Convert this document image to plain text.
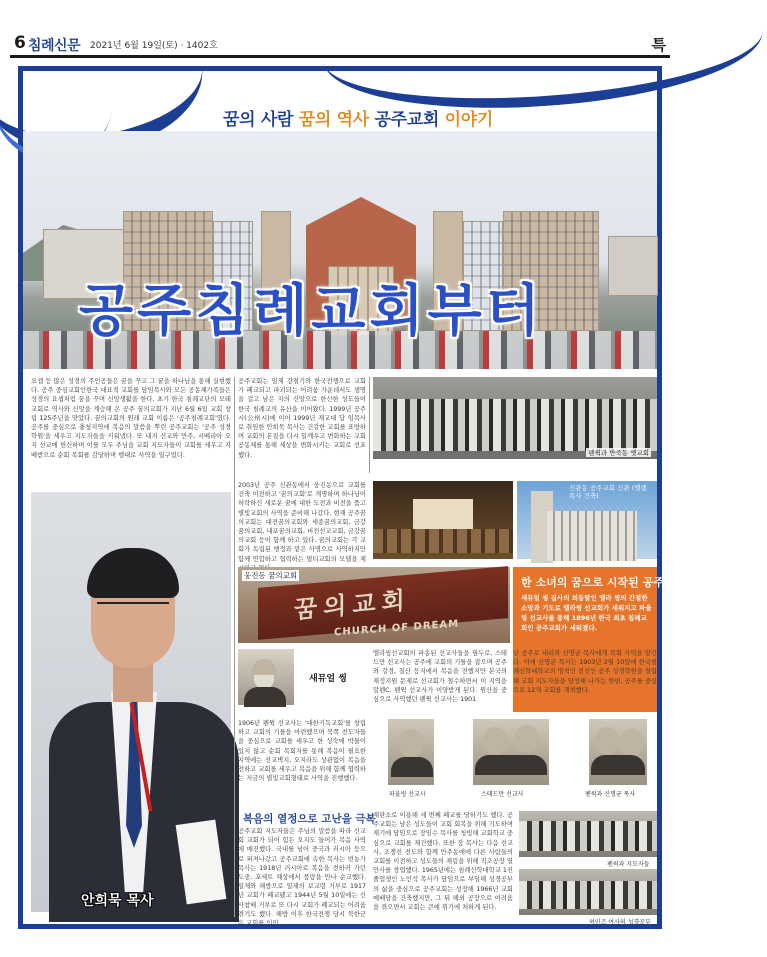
6 침례신문 2021년 6월 19일(토) · 1402호	특
꿈의 사람 꿈의 역사 공주교회 이야기
공주침례교회부터
요셉 등 많은 성경의 주인공들은 꿈을 꾸고 그 꿈을 하나님을 통해 실현했다. 공주 중심교회인한국 대표적 교회를 담임목사와 모든 공동체가족들은 성경의 요셉처럼 꿈을 꾸며 신앙생활을 한다. 초기 한국 침례교단의 모태교회로 역사와 신앙을 계승해 온 공주 꿈의교회가 지난 6월 6일 교회 창립 125주년을 맞았다. 꿈의교회의 원래 교회 이름은 '공주침례교회'였다. 공주를 중심으로 충청지역에 복음의 말씀을 뿌린 공주교회는 '공주 성경학원'을 세우고 지도자들을 키워냈다. 또 내지 선교와 만주, 시베리아 오지 선교에 헌신하며 이를 모두 주님을 교회 지도자들이 교회를 세우고 지배받으로 순회 목회를 감당하며 행대로 사역을 일구었다.
공주교회는 일제 강점기와 한국전쟁으로 교회가 폐교되고 파괴되는 어려움 가운데서도 생명을 걸고 남은 자의 신앙으로 한신한 성도들이 한국 침례교의 유산을 이어왔다. 1999년 공주시(公州시)에 이어 1999년 재교대 답 임목사로 취임한 안희묵 목사는 건강한 교회를 표방하며 교회의 본질을 다시 일깨우고 변화하는 교회 공동체를 통해 세상을 변화시키는 교회로 선포했다.	펜윅과 반죽동 옛교회
2003년 공주 신관동에서 웅진동으로 교회를 건축 이전하고 '꿈의교회'로 개명하며 하나님이 허락하신 새로운 꿈에 대한 도전과 비전을 품고 별빛교회의 사역을 준비해 나갔다. 현재 공주꿈의교회는 대전꿈의교회와 세종꿈의교회, 금강꿈의교회, 내포꿈의교회, 비전선교교회, 금강꿈의교회 등이 함께 하고 있다. 꿈의교회는 각 교회가 독립된 행정과 맡은 사명으로 사역하지만 함께 연합하고 협력하는 멀티교회의 모델을 제
신관동 공주교회 신관 (엘렘 목사 건축)
안희묵 목사
꿈의교회
CHURCH OF DREAM
웅진동 꿈의교회
한 소녀의 꿈으로 시작된 공주교회
새뮤얼 씽 집사의 외동딸인 엘라 씽의 간절한 소망과 기도로 엘라씽 선교회가 세워지고 파울링 선교사를 통해 1896년 한국 최초 침례교회인 공주교회가 세워졌다.
새뮤얼 씽
엘라씽선교회의 파송된 선교사들을 필두로, 스테드만 선교사는 공주에 교회의 기틀을 잡으며 공주와 강경, 칠산 등지에서 복음을 전했지만 본국의 재정지원 문제로 선교회가 철수하면서 이 지역을 말펜C. 펜윅 선교사가 이양받게 된다. 원산을 중심으로 사역했던 펜윅 선교사는 1901
년 공주로 내려와 신명균 목사에게 목회 사역을 맡긴다. 이에 신명균 목사는 1903년 2월 10일에 한국침례신학대학교의 명칙인 전신인 공주 성경학원을 설립해 교회 지도자들을 양성해 나가는 한편, 공주를 중심으로 12개 교회를 개척했다.
1906년 펜윅 선교사는 '대한기독교회'를 창립하고 교회의 기틀을 마련했으며 북쪽 전도자들을 중심으로 교회를 세우고 한 성숙에 박물이 있지 않고 순회 목회자를 통해 복음이 필요한 지역에는 선교벽지, 오지라도 상관없이 복음을 전하고 교회를 세우고 복음을 위해 함께 협력하는 지금의 별빛교회형태로 사역을 진행했다.
파울링 선교사	스테드만 선교사	펜윅과 신명균 목사
복음의 열정으로 고난을 극복
공주교회 지도자들은 주님의 말씀을 따라 신교회 교회가 되어 힘든 오지도 들어가 복음 사역에 매진했다. 국내를 넘어 중국과 러시아 등으로 퍼져나갔고 공주교회에 속한 목사는 빈농가 목사는 1918년 러시아로 복음을 전하러 가던 도중, 포세트 해상에서 풍랑을 만나 순교했다. 일제와 해방으로 일제의 보교령 거부로 1917년 교회가 폐교됐고 1944년 5월 10일에는 신사참배 거부로 또 다시 교회가 폐교되는 어려움 겪기도 했다. 해방 이후 한국전쟁 당시 북한군은 교회를 인민
재판소로 이용해 세 번째 폐교를 당하기도 했다. 공주교회는 남은 성도들이 교회 회복을 위해 기도하며 재기에 담임으로 장임수 목사를 청빙해 교회학교 중심으로 교회를 재건했다. 또한 장 목사는 다음 선교사, 조쟁진 전도와 함께 만주동에에 다른 사람들의 교회를 이전하고 성도들의 재림을 위해 직조공장 열만사를 창업했다. 1965년에는 침례신학대학교 1진 졸업생인 노인석 목사가 담임으로 부임해 성경공부의 삶을 중심으로 공주교회는 성장해 1966년 교회 예배당을 건축했지만, 그 뒤 해외 공장으로 어려움을 겪으면서 교회는 큰에 위기에 처하게 된다.
펜윅과 지도자들
허인즈 여사의 성경공부
